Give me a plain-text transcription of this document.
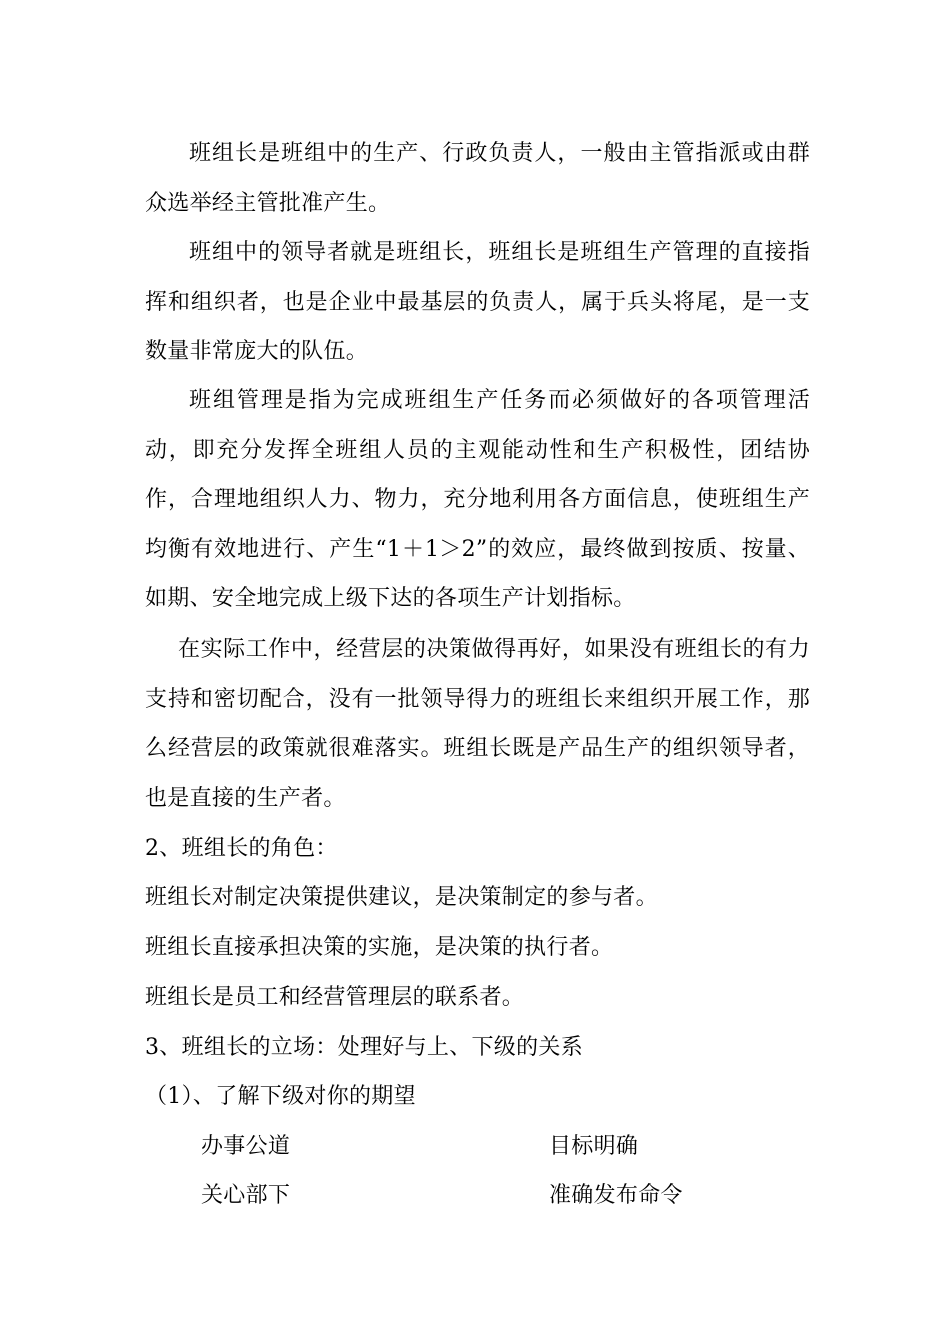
班组长是班组中的生产、行政负责人，一般由主管指派或由群众选举经主管批准产生。

班组中的领导者就是班组长，班组长是班组生产管理的直接指挥和组织者，也是企业中最基层的负责人，属于兵头将尾，是一支数量非常庞大的队伍。

班组管理是指为完成班组生产任务而必须做好的各项管理活动，即充分发挥全班组人员的主观能动性和生产积极性，团结协作，合理地组织人力、物力，充分地利用各方面信息，使班组生产均衡有效地进行、产生“1＋1＞2”的效应，最终做到按质、按量、如期、安全地完成上级下达的各项生产计划指标。

在实际工作中，经营层的决策做得再好，如果没有班组长的有力支持和密切配合，没有一批领导得力的班组长来组织开展工作，那么经营层的政策就很难落实。班组长既是产品生产的组织领导者，也是直接的生产者。

2、班组长的角色：

班组长对制定决策提供建议，是决策制定的参与者。

班组长直接承担决策的实施，是决策的执行者。

班组长是员工和经营管理层的联系者。

3、班组长的立场：处理好与上、下级的关系

（1）、了解下级对你的期望

办事公道	目标明确

关心部下	准确发布命令
